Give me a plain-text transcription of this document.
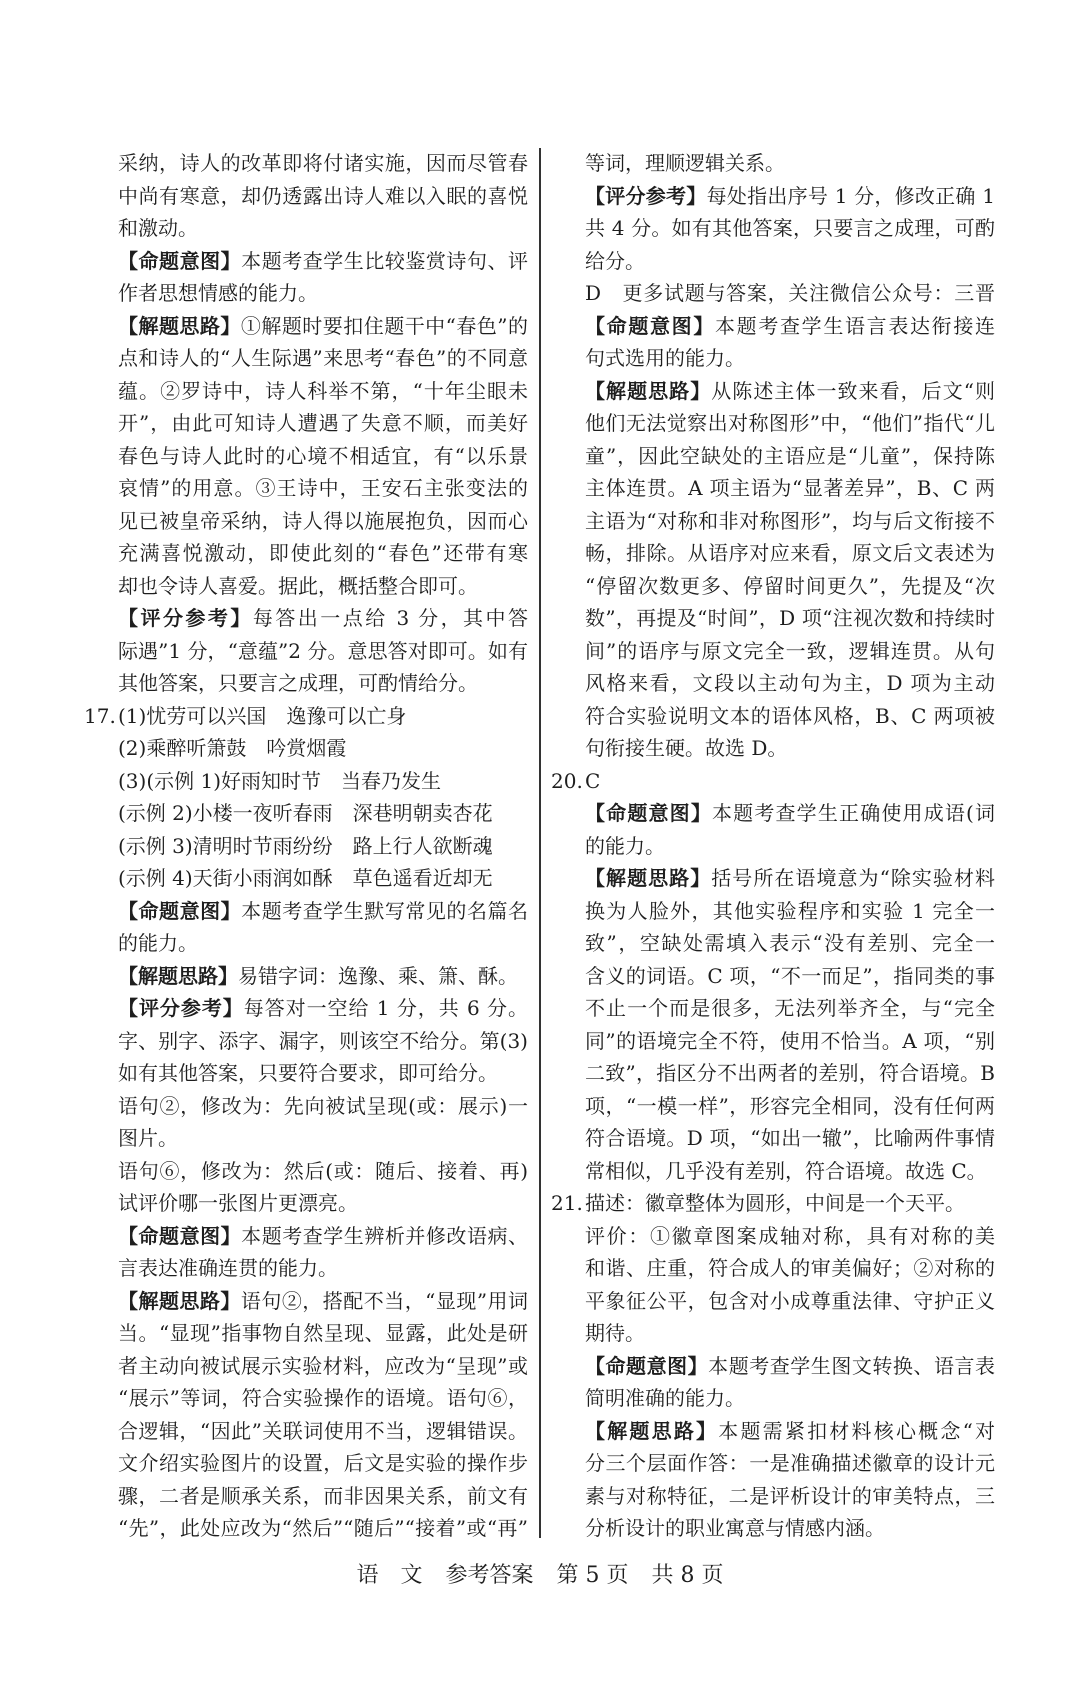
采纳，诗人的改革即将付诸实施，因而尽管春
中尚有寒意，却仍透露出诗人难以入眠的喜悦
和激动。
【命题意图】本题考查学生比较鉴赏诗句、评
作者思想情感的能力。
【解题思路】①解题时要扣住题干中“春色”的
点和诗人的“人生际遇”来思考“春色”的不同意
蕴。②罗诗中，诗人科举不第，“十年尘眼未
开”，由此可知诗人遭遇了失意不顺，而美好
春色与诗人此时的心境不相适宜，有“以乐景
哀情”的用意。③王诗中，王安石主张变法的
见已被皇帝采纳，诗人得以施展抱负，因而心
充满喜悦激动，即使此刻的“春色”还带有寒
却也令诗人喜爱。据此，概括整合即可。
【评分参考】每答出一点给 3 分，其中答
际遇”1 分，“意蕴”2 分。意思答对即可。如有
其他答案，只要言之成理，可酌情给分。
17. (1)忧劳可以兴国　逸豫可以亡身
(2)乘醉听箫鼓　吟赏烟霞
(3)(示例 1)好雨知时节　当春乃发生
(示例 2)小楼一夜听春雨　深巷明朝卖杏花
(示例 3)清明时节雨纷纷　路上行人欲断魂
(示例 4)天街小雨润如酥　草色遥看近却无
【命题意图】本题考查学生默写常见的名篇名
的能力。
【解题思路】易错字词：逸豫、乘、箫、酥。
【评分参考】每答对一空给 1 分，共 6 分。
字、别字、添字、漏字，则该空不给分。第(3)
如有其他答案，只要符合要求，即可给分。
语句②，修改为：先向被试呈现(或：展示)一
图片。
语句⑥，修改为：然后(或：随后、接着、再)
试评价哪一张图片更漂亮。
【命题意图】本题考查学生辨析并修改语病、
言表达准确连贯的能力。
【解题思路】语句②，搭配不当，“显现”用词
当。“显现”指事物自然呈现、显露，此处是研
者主动向被试展示实验材料，应改为“呈现”或
“展示”等词，符合实验操作的语境。语句⑥，
合逻辑，“因此”关联词使用不当，逻辑错误。
文介绍实验图片的设置，后文是实验的操作步
骤，二者是顺承关系，而非因果关系，前文有
“先”，此处应改为“然后”“随后”“接着”或“再”
等词，理顺逻辑关系。
【评分参考】每处指出序号 1 分，修改正确 1
共 4 分。如有其他答案，只要言之成理，可酌
给分。
D　更多试题与答案，关注微信公众号：三晋
【命题意图】本题考查学生语言表达衔接连
句式选用的能力。
【解题思路】从陈述主体一致来看，后文“则
他们无法觉察出对称图形”中，“他们”指代“儿
童”，因此空缺处的主语应是“儿童”，保持陈
主体连贯。A 项主语为“显著差异”，B、C 两
主语为“对称和非对称图形”，均与后文衔接不
畅，排除。从语序对应来看，原文后文表述为
“停留次数更多、停留时间更久”，先提及“次
数”，再提及“时间”，D 项“注视次数和持续时
间”的语序与原文完全一致，逻辑连贯。从句
风格来看，文段以主动句为主，D 项为主动
符合实验说明文本的语体风格，B、C 两项被
句衔接生硬。故选 D。
20. C
【命题意图】本题考查学生正确使用成语(词
的能力。
【解题思路】括号所在语境意为“除实验材料
换为人脸外，其他实验程序和实验 1 完全一
致”，空缺处需填入表示“没有差别、完全一
含义的词语。C 项，“不一而足”，指同类的事
不止一个而是很多，无法列举齐全，与“完全
同”的语境完全不符，使用不恰当。A 项，“别
二致”，指区分不出两者的差别，符合语境。B
项，“一模一样”，形容完全相同，没有任何两
符合语境。D 项，“如出一辙”，比喻两件事情
常相似，几乎没有差别，符合语境。故选 C。
21. 描述：徽章整体为圆形，中间是一个天平。
评价：①徽章图案成轴对称，具有对称的美
和谐、庄重，符合成人的审美偏好；②对称的
平象征公平，包含对小成尊重法律、守护正义
期待。
【命题意图】本题考查学生图文转换、语言表
简明准确的能力。
【解题思路】本题需紧扣材料核心概念“对
分三个层面作答：一是准确描述徽章的设计元
素与对称特征，二是评析设计的审美特点，三
分析设计的职业寓意与情感内涵。
语　文 参考答案 第 5 页 共 8 页
